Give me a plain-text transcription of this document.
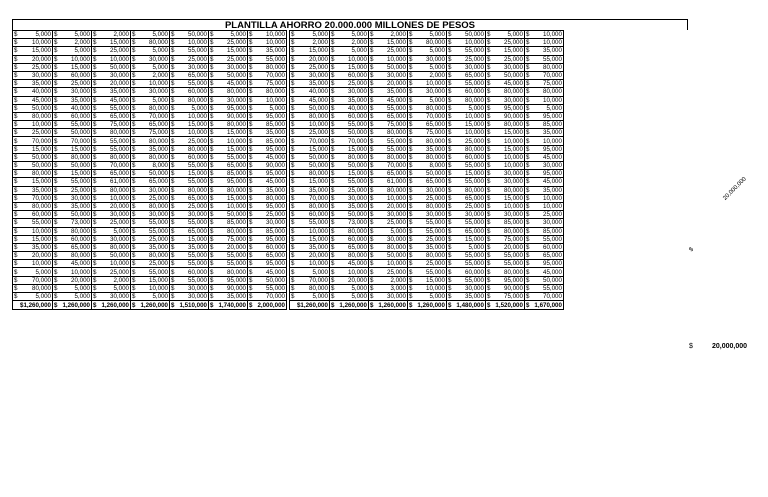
PLANTILLA AHORRO 20.000.000 MILLONES DE PESOS
$	5,000	$	5,000	$	2,000	$	5,000	$	50,000	$	5,000	$	10,000		$	5,000	$	5,000	$	2,000	$	5,000	$	50,000	$	5,000	$	10,000
$	10,000	$	2,000	$	15,000	$	80,000	$	10,000	$	25,000	$	10,000		$	2,000	$	2,000	$	15,000	$	80,000	$	10,000	$	25,000	$	10,000
$	15,000	$	5,000	$	25,000	$	5,000	$	55,000	$	15,000	$	35,000		$	15,000	$	5,000	$	25,000	$	5,000	$	55,000	$	15,000	$	35,000
$	20,000	$	10,000	$	10,000	$	30,000	$	25,000	$	25,000	$	55,000		$	20,000	$	10,000	$	10,000	$	30,000	$	25,000	$	25,000	$	55,000
$	25,000	$	15,000	$	50,000	$	5,000	$	30,000	$	30,000	$	80,000		$	25,000	$	15,000	$	50,000	$	5,000	$	30,000	$	30,000	$	80,000
$	30,000	$	60,000	$	30,000	$	2,000	$	65,000	$	50,000	$	70,000		$	30,000	$	60,000	$	30,000	$	2,000	$	65,000	$	50,000	$	70,000
$	35,000	$	25,000	$	20,000	$	10,000	$	55,000	$	45,000	$	75,000		$	35,000	$	25,000	$	20,000	$	10,000	$	55,000	$	45,000	$	75,000
$	40,000	$	30,000	$	35,000	$	30,000	$	60,000	$	80,000	$	80,000		$	40,000	$	30,000	$	35,000	$	30,000	$	60,000	$	80,000	$	80,000
$	45,000	$	35,000	$	45,000	$	5,000	$	80,000	$	30,000	$	10,000		$	45,000	$	35,000	$	45,000	$	5,000	$	80,000	$	30,000	$	10,000
$	50,000	$	40,000	$	55,000	$	80,000	$	5,000	$	95,000	$	5,000		$	50,000	$	40,000	$	55,000	$	80,000	$	5,000	$	95,000	$	5,000
$	80,000	$	60,000	$	65,000	$	70,000	$	10,000	$	90,000	$	95,000		$	80,000	$	60,000	$	65,000	$	70,000	$	10,000	$	90,000	$	95,000
$	10,000	$	55,000	$	75,000	$	65,000	$	15,000	$	80,000	$	85,000		$	10,000	$	55,000	$	75,000	$	65,000	$	15,000	$	80,000	$	85,000
$	25,000	$	50,000	$	80,000	$	75,000	$	10,000	$	15,000	$	35,000		$	25,000	$	50,000	$	80,000	$	75,000	$	10,000	$	15,000	$	35,000
$	70,000	$	70,000	$	55,000	$	80,000	$	25,000	$	10,000	$	85,000		$	70,000	$	70,000	$	55,000	$	80,000	$	25,000	$	10,000	$	10,000
$	15,000	$	15,000	$	55,000	$	35,000	$	80,000	$	15,000	$	95,000		$	15,000	$	15,000	$	55,000	$	35,000	$	80,000	$	15,000	$	95,000
$	50,000	$	80,000	$	80,000	$	80,000	$	60,000	$	55,000	$	45,000		$	50,000	$	80,000	$	80,000	$	80,000	$	60,000	$	10,000	$	45,000
$	50,000	$	50,000	$	70,000	$	8,000	$	55,000	$	65,000	$	90,000		$	50,000	$	50,000	$	70,000	$	8,000	$	55,000	$	10,000	$	30,000
$	80,000	$	15,000	$	65,000	$	50,000	$	15,000	$	85,000	$	95,000		$	80,000	$	15,000	$	65,000	$	50,000	$	15,000	$	30,000	$	95,000
$	15,000	$	55,000	$	61,000	$	65,000	$	55,000	$	95,000	$	45,000		$	15,000	$	55,000	$	61,000	$	65,000	$	55,000	$	30,000	$	45,000
$	35,000	$	25,000	$	80,000	$	30,000	$	80,000	$	80,000	$	35,000		$	35,000	$	25,000	$	80,000	$	30,000	$	80,000	$	80,000	$	35,000
$	70,000	$	30,000	$	10,000	$	25,000	$	65,000	$	15,000	$	80,000		$	70,000	$	30,000	$	10,000	$	25,000	$	65,000	$	15,000	$	10,000
$	80,000	$	35,000	$	20,000	$	80,000	$	25,000	$	10,000	$	95,000		$	80,000	$	35,000	$	20,000	$	80,000	$	25,000	$	10,000	$	10,000
$	60,000	$	50,000	$	30,000	$	30,000	$	30,000	$	50,000	$	25,000		$	60,000	$	50,000	$	30,000	$	30,000	$	30,000	$	30,000	$	25,000
$	55,000	$	73,000	$	25,000	$	55,000	$	55,000	$	85,000	$	30,000		$	55,000	$	73,000	$	25,000	$	55,000	$	55,000	$	85,000	$	30,000
$	10,000	$	80,000	$	5,000	$	55,000	$	65,000	$	80,000	$	85,000		$	10,000	$	80,000	$	5,000	$	55,000	$	65,000	$	80,000	$	85,000
$	15,000	$	60,000	$	30,000	$	25,000	$	15,000	$	75,000	$	95,000		$	15,000	$	60,000	$	30,000	$	25,000	$	15,000	$	75,000	$	55,000
$	35,000	$	65,000	$	80,000	$	35,000	$	35,000	$	20,000	$	60,000		$	35,000	$	65,000	$	80,000	$	35,000	$	5,000	$	20,000	$	60,000
$	20,000	$	80,000	$	50,000	$	80,000	$	55,000	$	55,000	$	65,000		$	20,000	$	80,000	$	50,000	$	80,000	$	55,000	$	55,000	$	65,000
$	10,000	$	45,000	$	10,000	$	25,000	$	55,000	$	55,000	$	95,000		$	10,000	$	45,000	$	10,000	$	25,000	$	55,000	$	55,000	$	95,000
$	5,000	$	10,000	$	25,000	$	55,000	$	60,000	$	80,000	$	45,000		$	5,000	$	10,000	$	25,000	$	55,000	$	60,000	$	80,000	$	45,000
$	70,000	$	20,000	$	2,000	$	15,000	$	55,000	$	95,000	$	50,000		$	70,000	$	20,000	$	2,000	$	15,000	$	55,000	$	95,000	$	50,000
$	80,000	$	5,000	$	5,000	$	10,000	$	30,000	$	90,000	$	55,000		$	80,000	$	5,000	$	3,000	$	10,000	$	30,000	$	90,000	$	55,000
$	5,000	$	5,000	$	30,000	$	5,000	$	30,000	$	35,000	$	70,000		$	5,000	$	5,000	$	30,000	$	5,000	$	35,000	$	75,000	$	70,000
	$1,260,000	$	1,260,000	$	1,260,000	$	1,260,000	$	1,510,000	$	1,740,000	$	2,000,000			$1,260,000	$	1,260,000	$	1,260,000	$	1,260,000	$	1,480,000	$	1,520,000	$	1,670,000
$	20,000,000
$
20,000,000
